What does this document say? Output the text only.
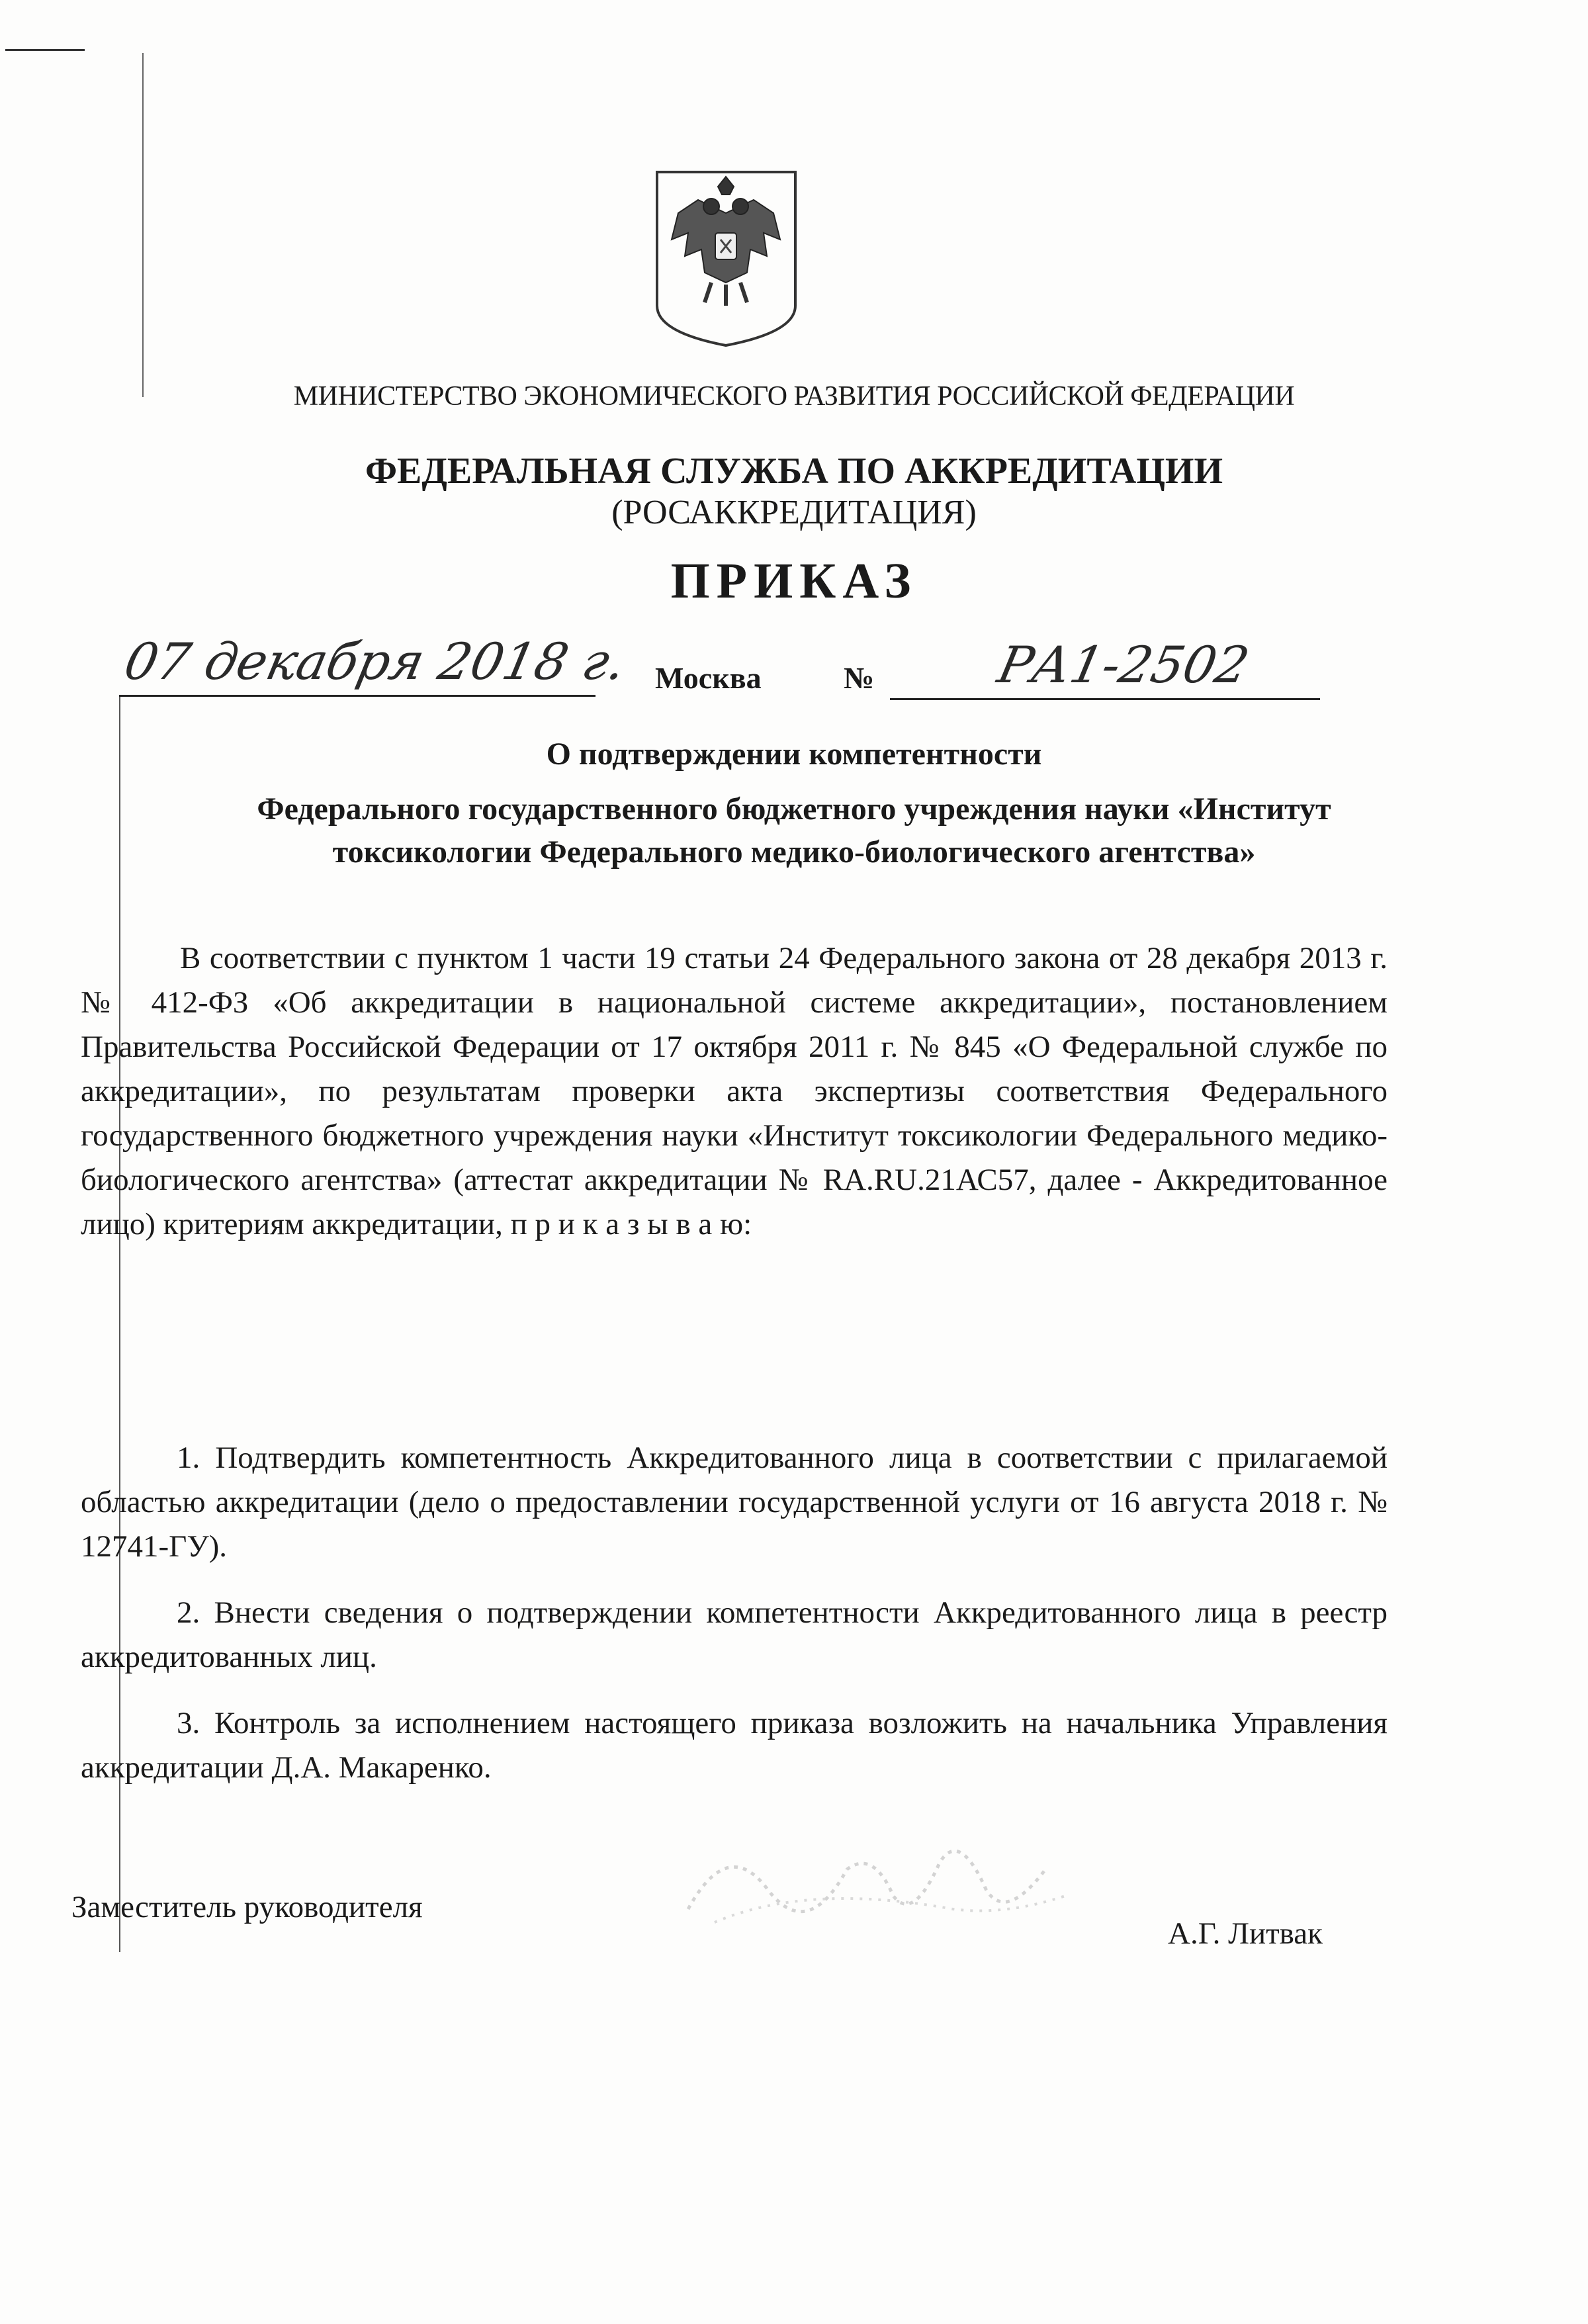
МИНИСТЕРСТВО ЭКОНОМИЧЕСКОГО РАЗВИТИЯ РОССИЙСКОЙ ФЕДЕРАЦИИ
ФЕДЕРАЛЬНАЯ СЛУЖБА ПО АККРЕДИТАЦИИ
(РОСАККРЕДИТАЦИЯ)
ПРИКАЗ
07 декабря 2018 г. Москва	№ РА1-2502
О подтверждении компетентности
Федерального государственного бюджетного учреждения науки «Институт
токсикологии Федерального медико-биологического агентства»
В соответствии с пунктом 1 части 19 статьи 24 Федерального закона от 28 декабря 2013 г. № 412-ФЗ «Об аккредитации в национальной системе аккредитации», постановлением Правительства Российской Федерации от 17 октября 2011 г. № 845 «О Федеральной службе по аккредитации», по результатам проверки акта экспертизы соответствия Федерального государственного бюджетного учреждения науки «Институт токсикологии Федерального медико-биологического агентства» (аттестат аккредитации № RA.RU.21АС57, далее - Аккредитованное лицо) критериям аккредитации, п р и к а з ы в а ю:

1. Подтвердить компетентность Аккредитованного лица в соответствии с прилагаемой областью аккредитации (дело о предоставлении государственной услуги от 16 августа 2018 г. № 12741-ГУ).

2. Внести сведения о подтверждении компетентности Аккредитованного лица в реестр аккредитованных лиц.

3. Контроль за исполнением настоящего приказа возложить на начальника Управления аккредитации Д.А. Макаренко.

Заместитель руководителя
А.Г. Литвак
